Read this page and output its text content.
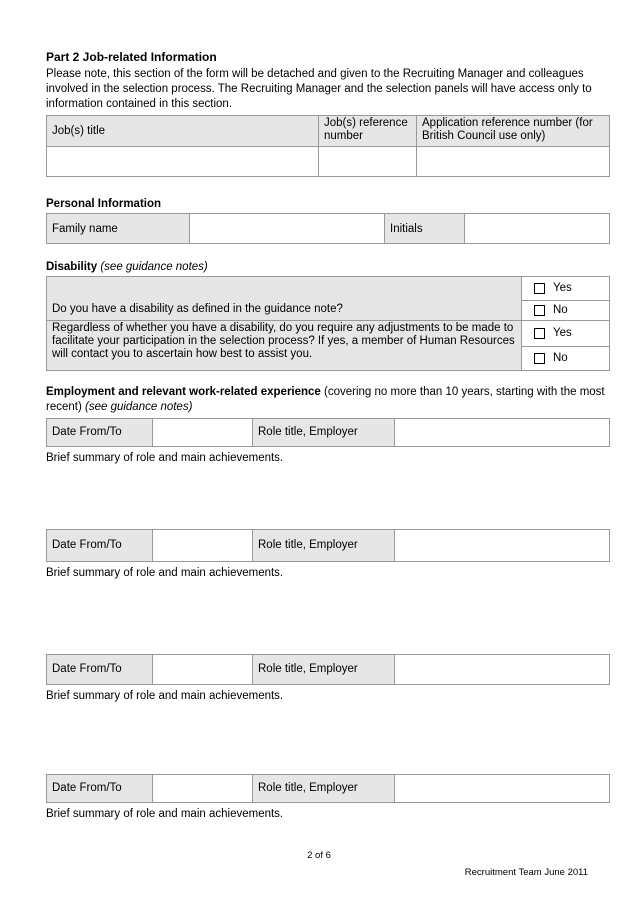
Part 2 Job-related Information
Please note, this section of the form will be detached and given to the Recruiting Manager and colleagues involved in the selection process. The Recruiting Manager and the selection panels will have access only to information contained in this section.
Job(s) title	Job(s) reference number	Application reference number (for British Council use only)

Personal Information
Family name		Initials	
Disability (see guidance notes)
Do you have a disability as defined in the guidance note?	Yes

	No

Regardless of whether you have a disability, do you require any adjustments to be made to facilitate your participation in the selection process? If yes, a member of Human Resources will contact you to ascertain how best to assist you.	Yes

	No
Employment and relevant work-related experience (covering no more than 10 years, starting with the most recent) (see guidance notes)
Date From/To		Role title, Employer	
Brief summary of role and main achievements.
Date From/To		Role title, Employer	
Brief summary of role and main achievements.
Date From/To		Role title, Employer	
Brief summary of role and main achievements.
Date From/To		Role title, Employer	
Brief summary of role and main achievements.
2 of 6
Recruitment Team June 2011
